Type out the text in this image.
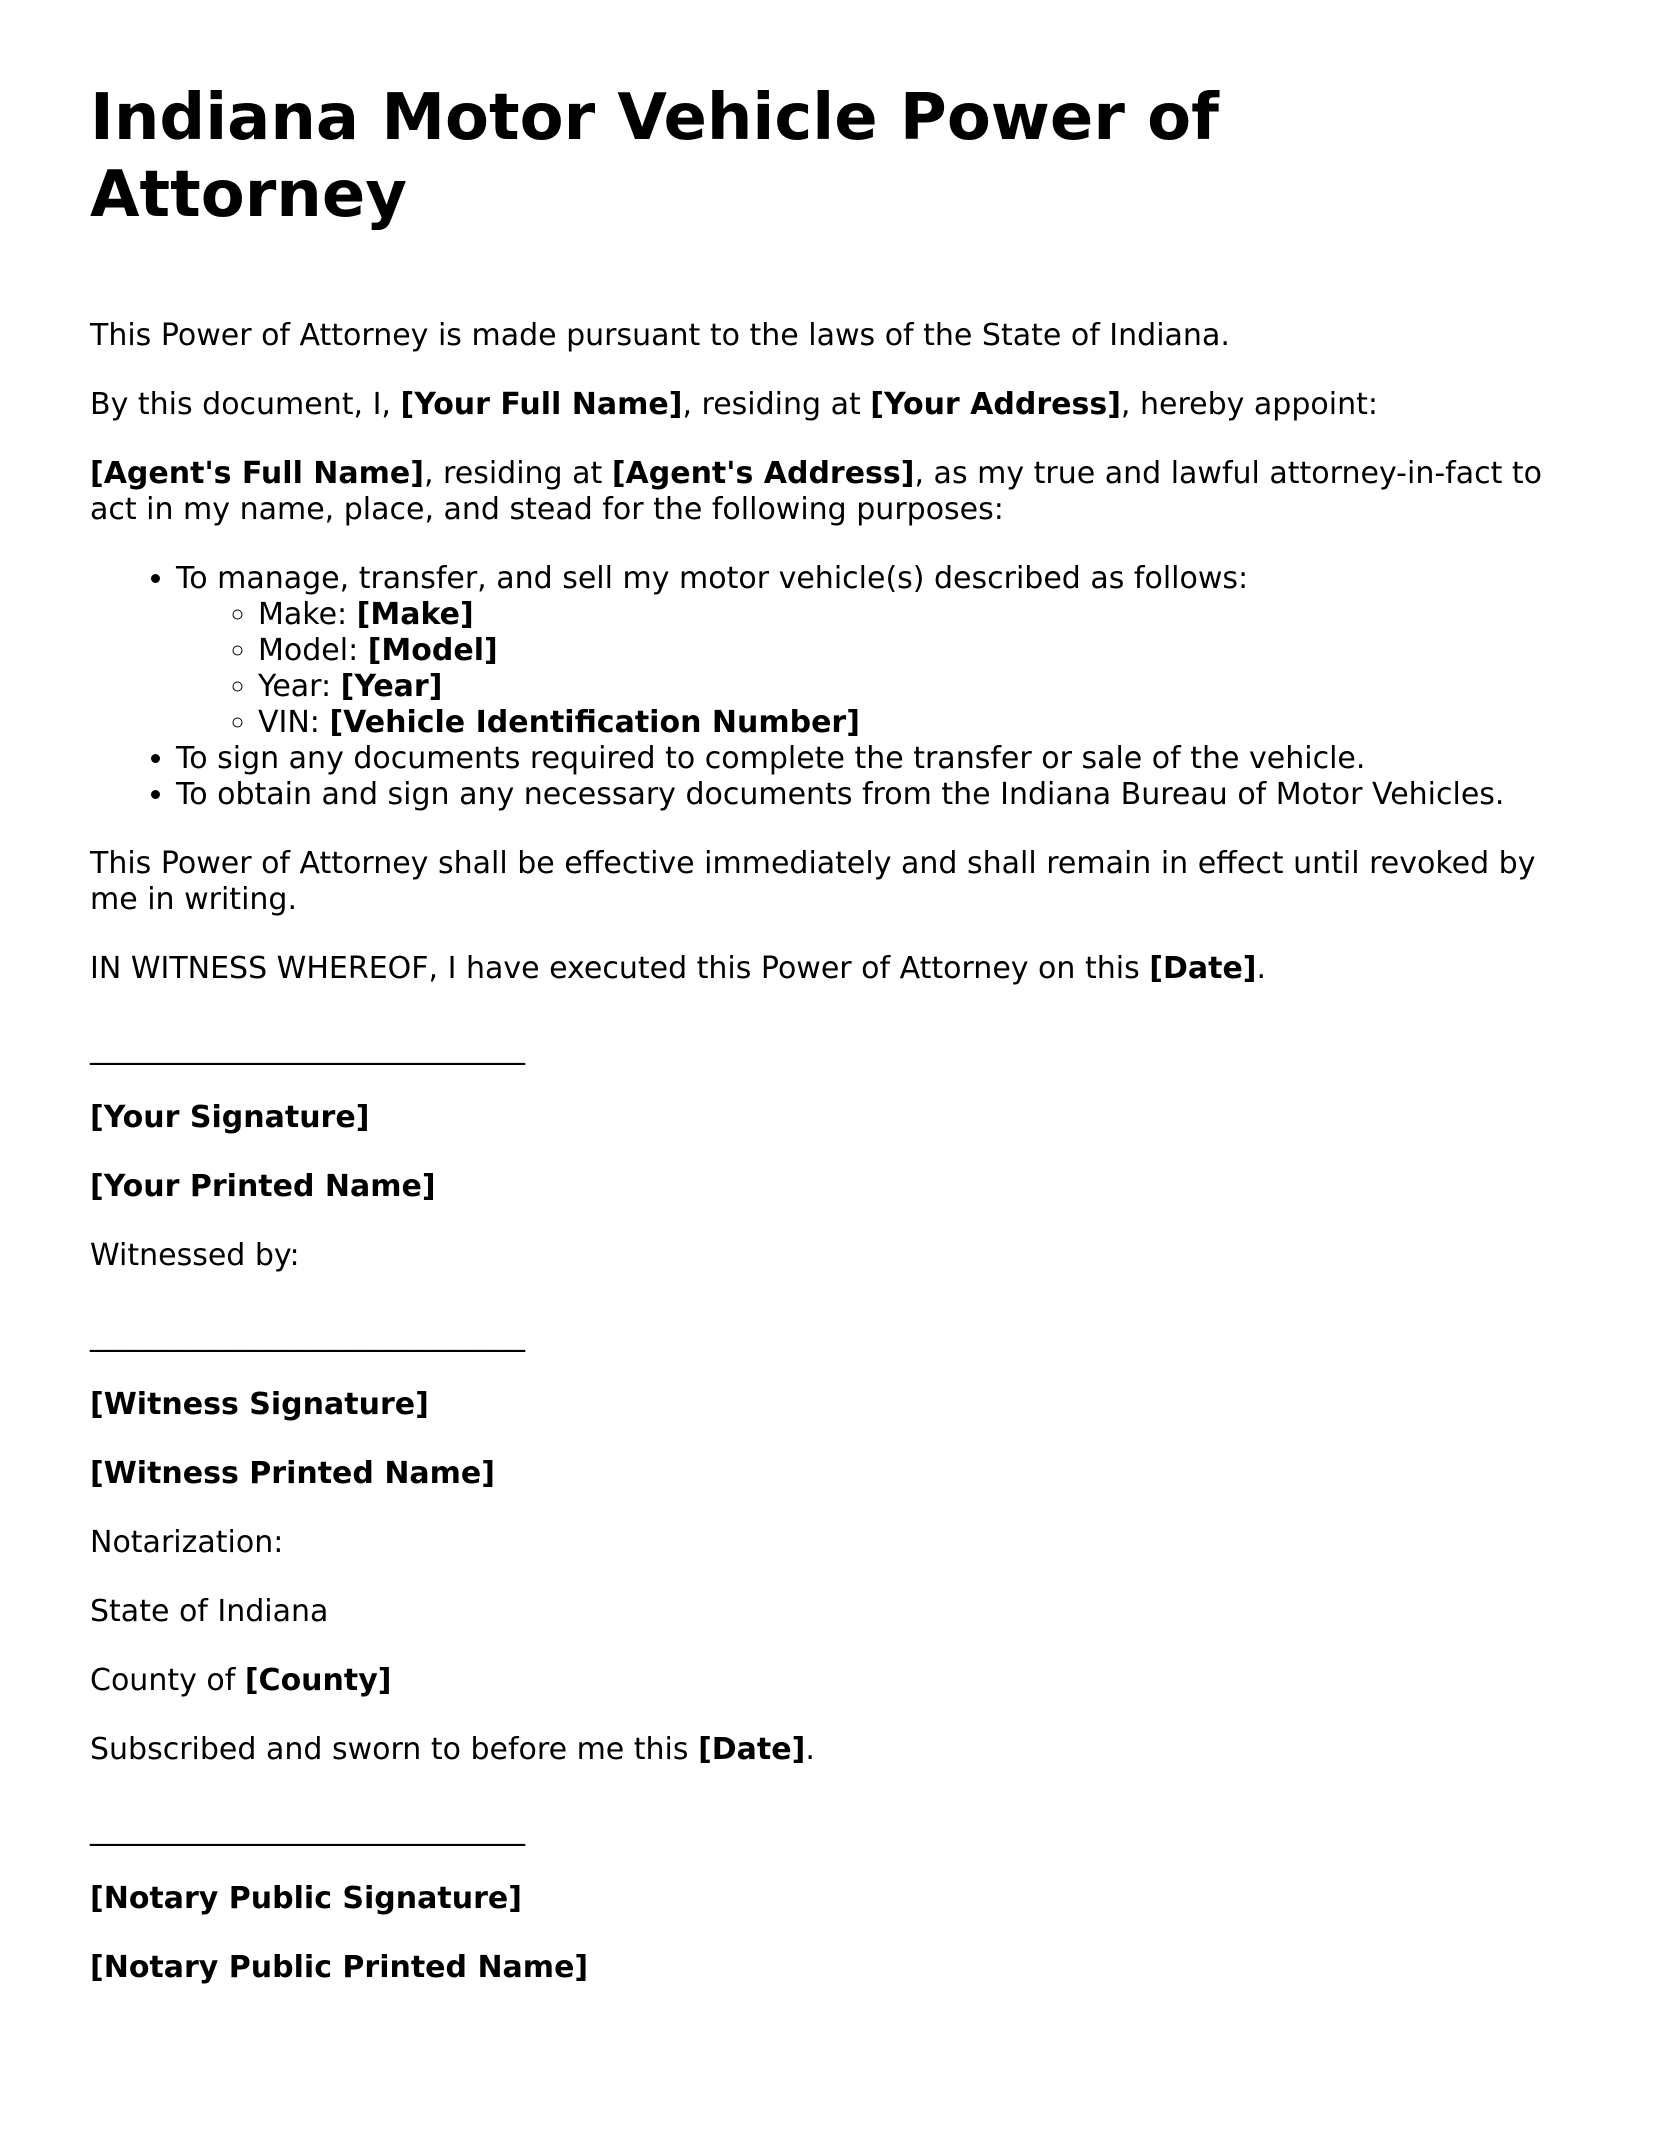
edu-law.org
Indiana Motor Vehicle Power of Attorney

This Power of Attorney is made pursuant to the laws of the State of Indiana.

By this document, I, [Your Full Name], residing at [Your Address], hereby appoint:

[Agent's Full Name], residing at [Agent's Address], as my true and lawful attorney-in-fact to act in my name, place, and stead for the following purposes:

• To manage, transfer, and sell my motor vehicle(s) described as follows:
◦ Make: [Make]
◦ Model: [Model]
◦ Year: [Year]
◦ VIN: [Vehicle Identification Number]
• To sign any documents required to complete the transfer or sale of the vehicle.
• To obtain and sign any necessary documents from the Indiana Bureau of Motor Vehicles.

This Power of Attorney shall be effective immediately and shall remain in effect until revoked by me in writing.

IN WITNESS WHEREOF, I have executed this Power of Attorney on this [Date].

_____________________________

[Your Signature]

[Your Printed Name]

Witnessed by:

_____________________________

[Witness Signature]

[Witness Printed Name]

Notarization:

State of Indiana

County of [County]

Subscribed and sworn to before me this [Date].

_____________________________

[Notary Public Signature]

[Notary Public Printed Name]
